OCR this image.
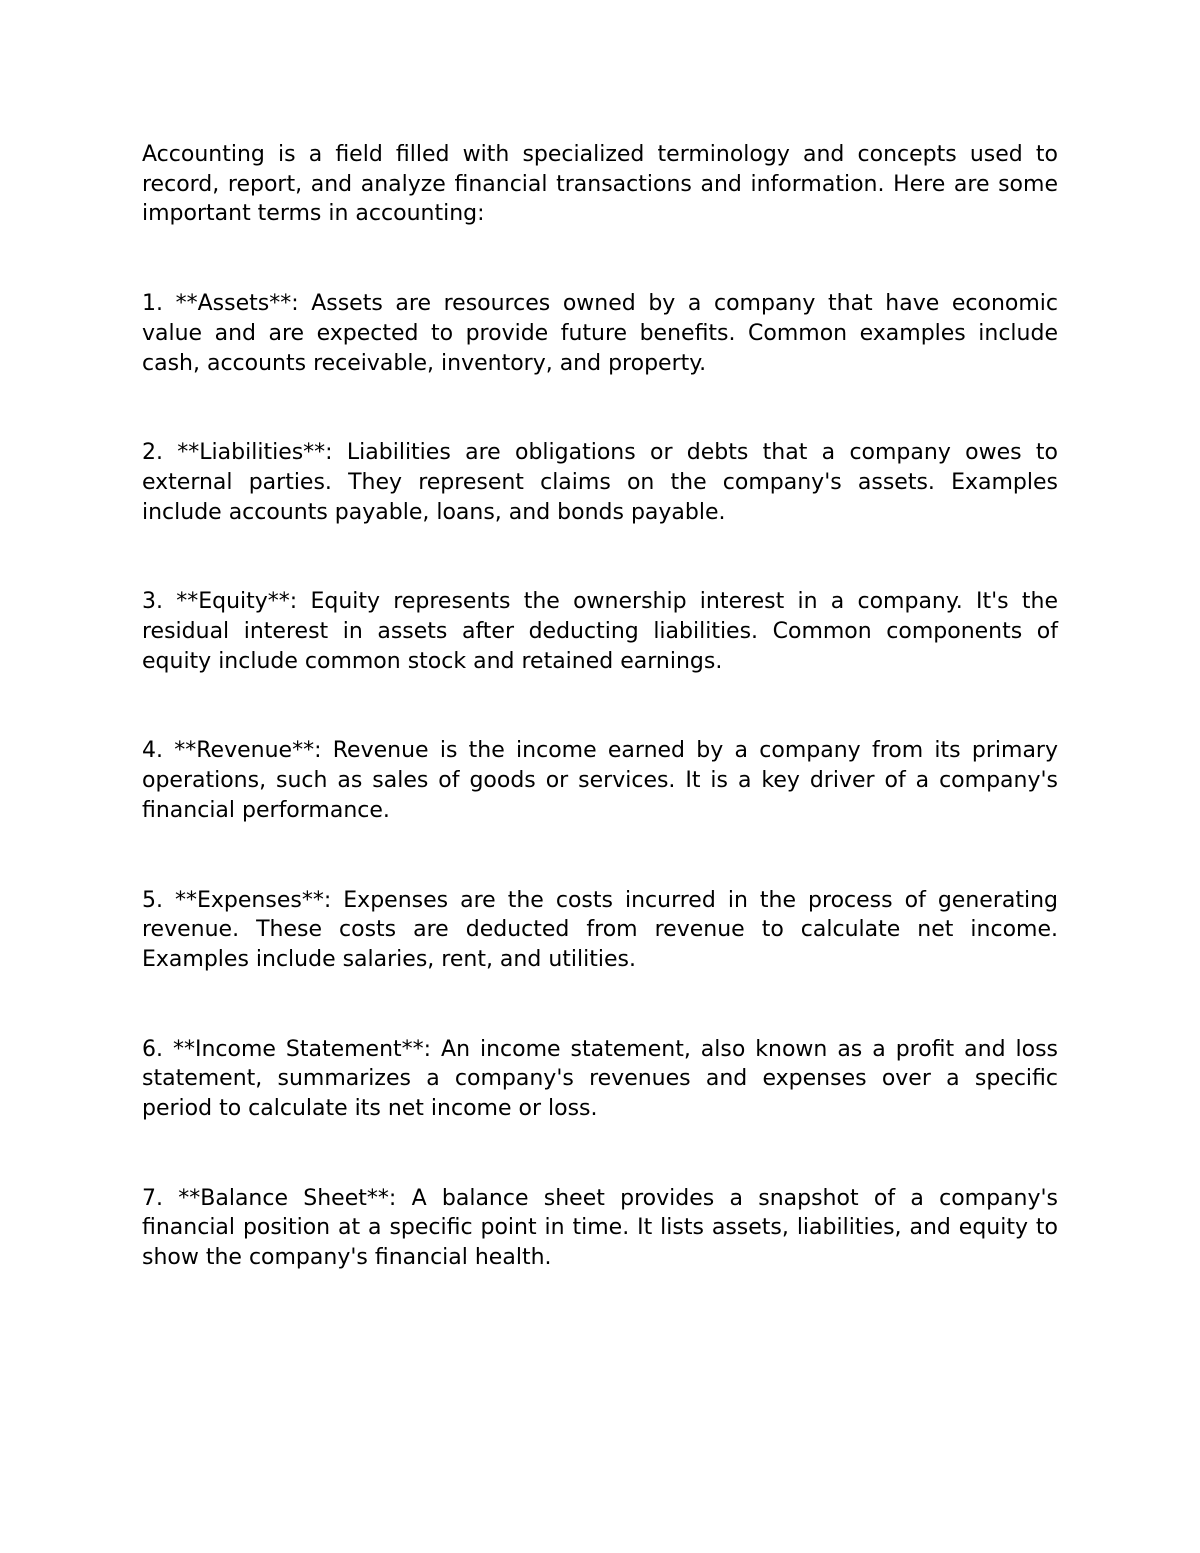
Accounting is a field filled with specialized terminology and concepts used to record, report, and analyze financial transactions and information. Here are some important terms in accounting:

1. **Assets**: Assets are resources owned by a company that have economic value and are expected to provide future benefits. Common examples include cash, accounts receivable, inventory, and property.

2. **Liabilities**: Liabilities are obligations or debts that a company owes to external parties. They represent claims on the company's assets. Examples include accounts payable, loans, and bonds payable.

3. **Equity**: Equity represents the ownership interest in a company. It's the residual interest in assets after deducting liabilities. Common components of equity include common stock and retained earnings.

4. **Revenue**: Revenue is the income earned by a company from its primary operations, such as sales of goods or services. It is a key driver of a company's financial performance.

5. **Expenses**: Expenses are the costs incurred in the process of generating revenue. These costs are deducted from revenue to calculate net income. Examples include salaries, rent, and utilities.

6. **Income Statement**: An income statement, also known as a profit and loss statement, summarizes a company's revenues and expenses over a specific period to calculate its net income or loss.

7. **Balance Sheet**: A balance sheet provides a snapshot of a company's financial position at a specific point in time. It lists assets, liabilities, and equity to show the company's financial health.
